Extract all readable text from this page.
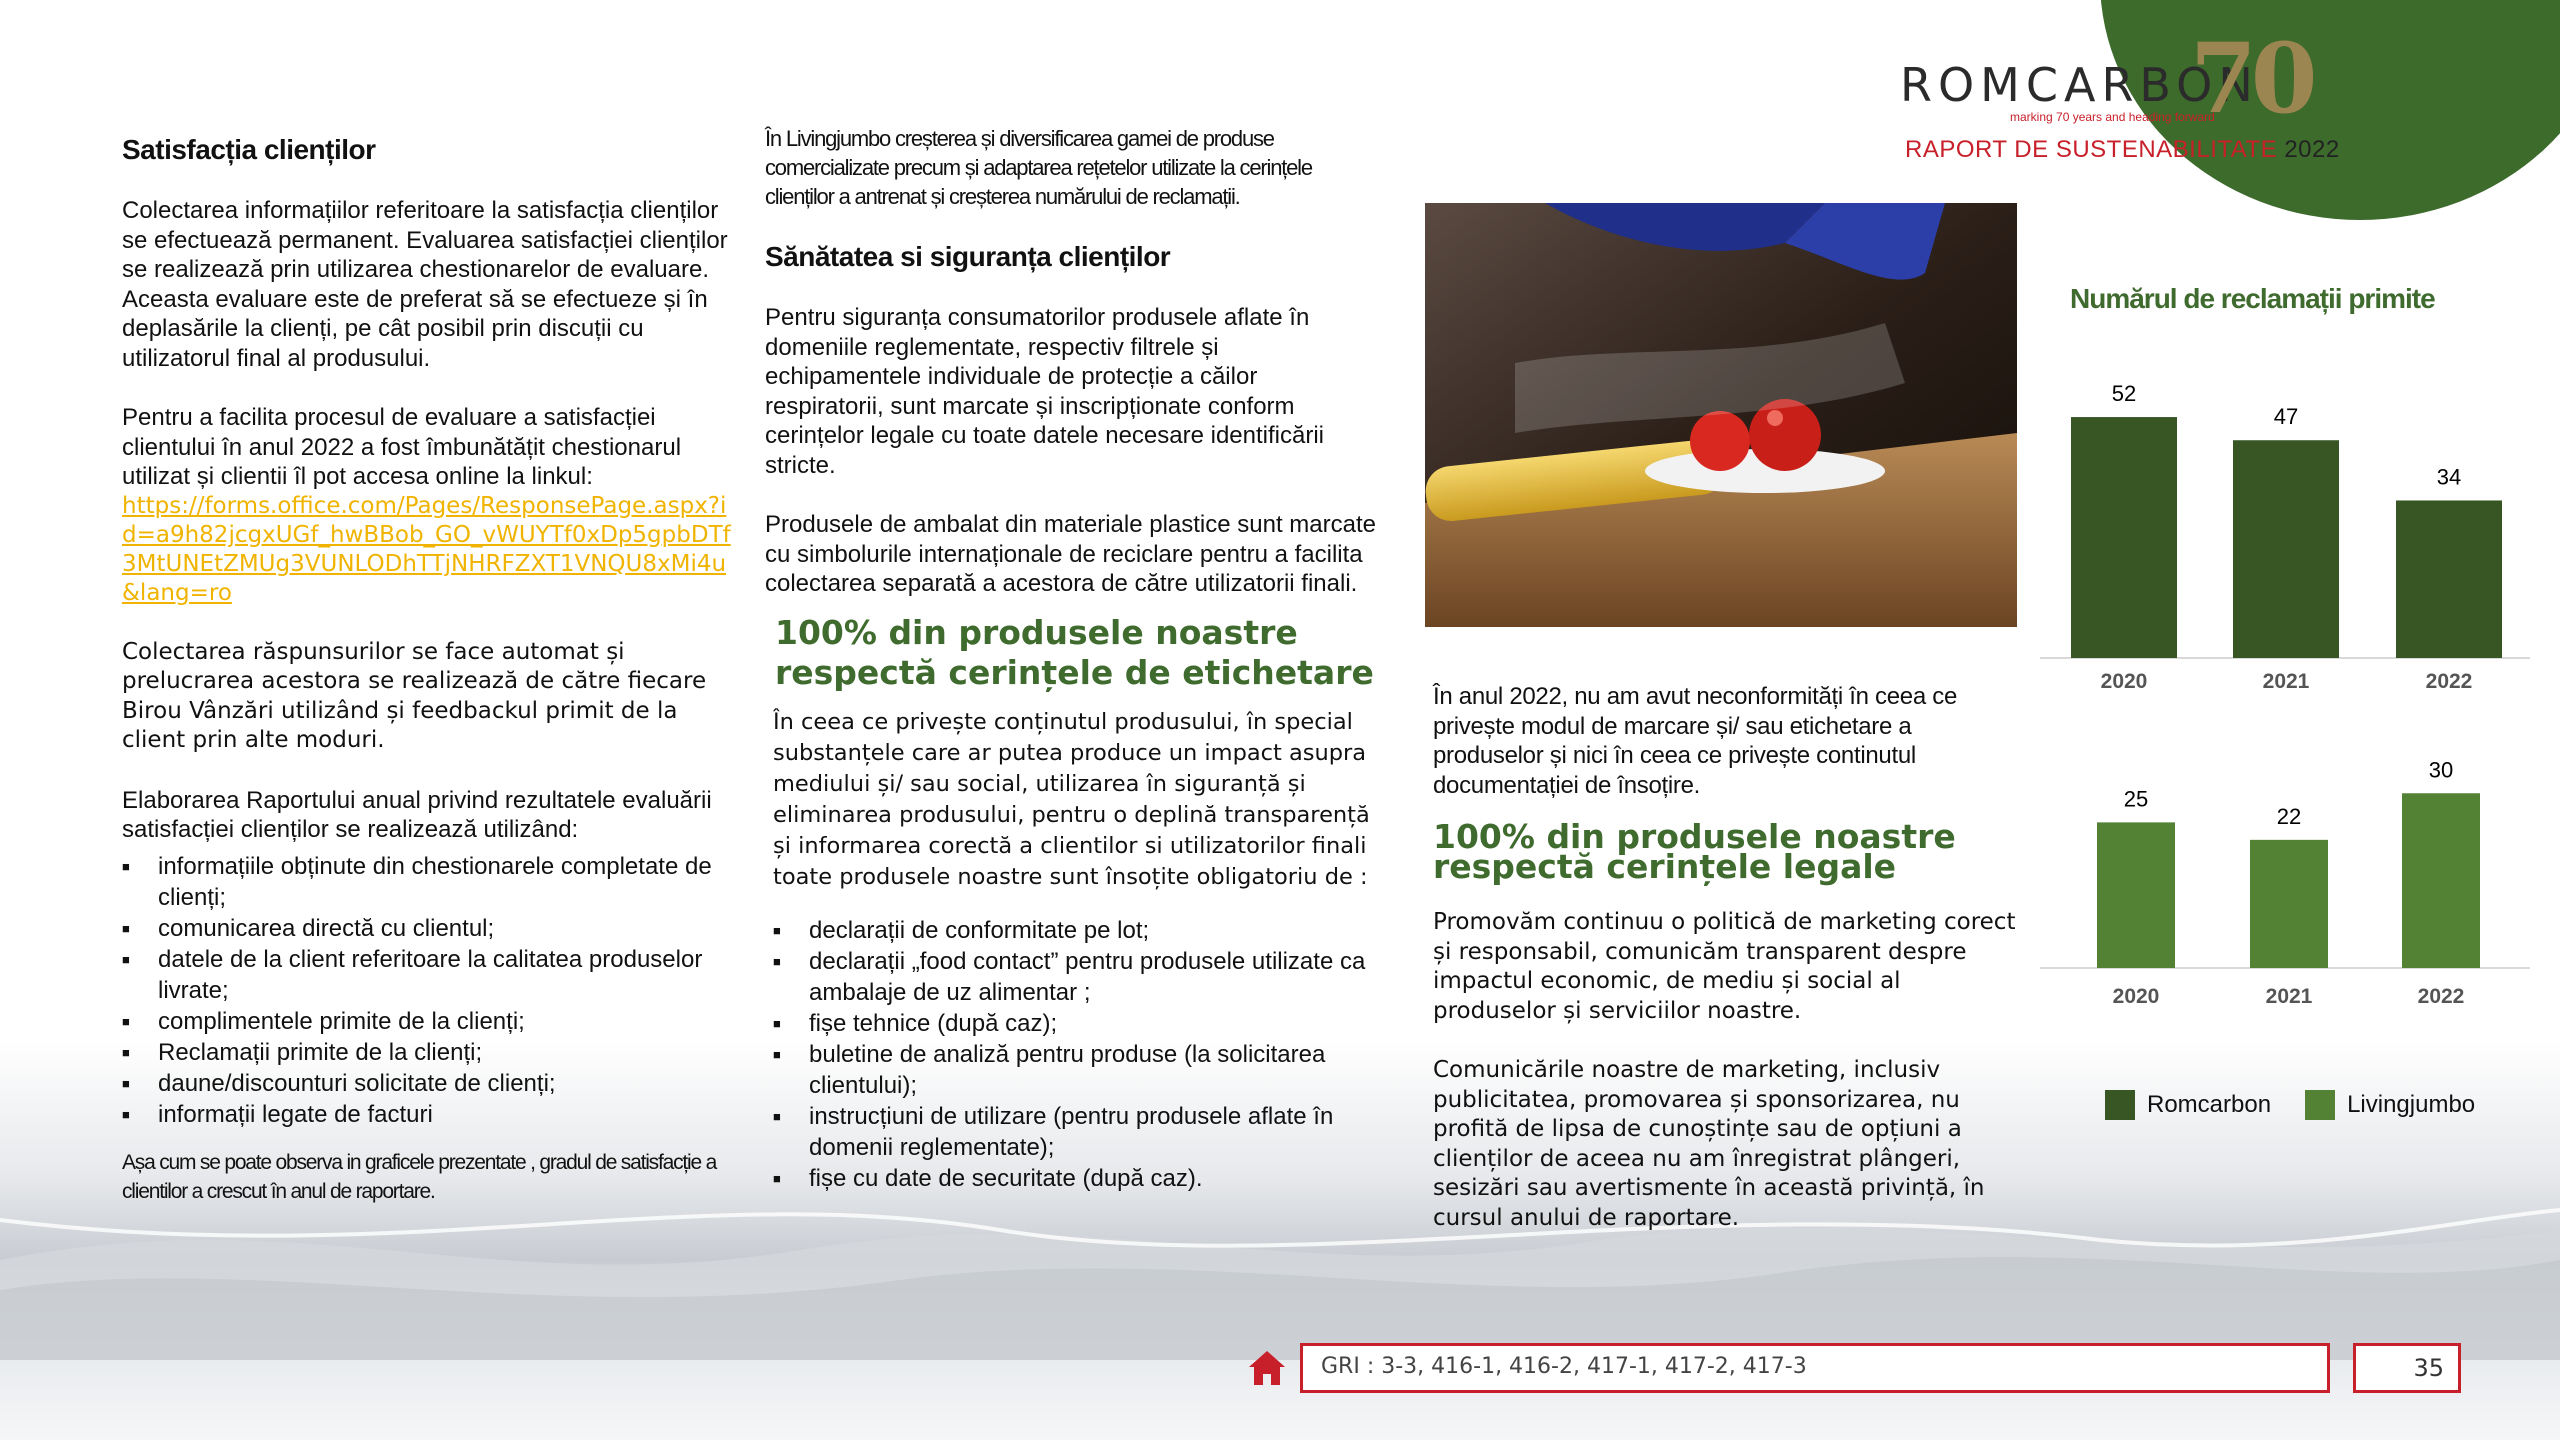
ROMCARBON
marking 70 years and heading forward
70
RAPORT DE SUSTENABILITATE 2022
Satisfacția clienților
Colectarea informațiilor referitoare la satisfacția clienților se efectuează permanent. Evaluarea satisfacției clienților se realizează prin utilizarea chestionarelor de evaluare.
Aceasta evaluare este de preferat să se efectueze și în deplasările la clienți, pe cât posibil prin discuții cu utilizatorul final al produsului.
Pentru a facilita procesul de evaluare a satisfacției clientului în anul 2022 a fost îmbunătățit chestionarul utilizat și clientii îl pot accesa online la linkul:
https://forms.office.com/Pages/ResponsePage.aspx?id=a9h82jcgxUGf_hwBBob_GO_vWUYTf0xDp5gpbDTf3MtUNEtZMUg3VUNLODhTTjNHRFZXT1VNQU8xMi4u&lang=ro
Colectarea răspunsurilor se face automat și prelucrarea acestora se realizează de către fiecare Birou Vânzări utilizând și feedbackul primit de la client prin alte moduri.
Elaborarea Raportului anual privind rezultatele evaluării satisfacției clienților se realizează utilizând:
■ informațiile obținute din chestionarele completate de clienți;
■ comunicarea directă cu clientul;
■ datele de la client referitoare la calitatea produselor livrate;
■ complimentele primite de la clienți;
■ Reclamații primite de la clienți;
■ daune/discounturi solicitate de clienți;
■ informații legate de facturi
Așa cum se poate observa in graficele prezentate , gradul de satisfacție a clientilor a crescut în anul de raportare.
În Livingjumbo creșterea și diversificarea gamei de produse comercializate precum și adaptarea rețetelor utilizate la cerințele clienților a antrenat și creșterea numărului de reclamații.
Sănătatea si siguranța clienților
Pentru siguranța consumatorilor produsele aflate în domeniile reglementate, respectiv filtrele și echipamentele individuale de protecție a căilor respiratorii, sunt marcate și inscripționate conform cerințelor legale cu toate datele necesare identificării stricte.
Produsele de ambalat din materiale plastice sunt marcate cu simbolurile internaționale de reciclare pentru a facilita colectarea separată a acestora de către utilizatorii finali.
100% din produsele noastre respectă cerințele de etichetare
În ceea ce privește conținutul produsului, în special substanțele care ar putea produce un impact asupra mediului și/ sau social, utilizarea în siguranță și eliminarea produsului, pentru o deplină transparență și informarea corectă a clientilor si utilizatorilor finali toate produsele noastre sunt însoțite obligatoriu de :
■ declarații de conformitate pe lot;
■ declarații „food contact” pentru produsele utilizate ca ambalaje de uz alimentar ;
■ fișe tehnice (după caz);
■ buletine de analiză pentru produse (la solicitarea clientului);
■ instrucțiuni de utilizare (pentru produsele aflate în domenii reglementate);
■ fișe cu date de securitate (după caz).
În anul 2022, nu am avut neconformități în ceea ce privește modul de marcare și/ sau etichetare a produselor și nici în ceea ce privește continutul documentației de însoțire.
100% din produsele noastre respectă cerințele legale
Promovăm continuu o politică de marketing corect și responsabil, comunicăm transparent despre impactul economic, de mediu și social al produselor și serviciilor noastre.
Comunicările noastre de marketing, inclusiv publicitatea, promovarea și sponsorizarea, nu profită de lipsa de cunoștințe sau de opțiuni a clienților de aceea nu am înregistrat plângeri, sesizări sau avertismente în această privință, în cursul anului de raportare.
Numărul de reclamații primite
52
2020
47
2021
34
2022
25
2020
22
2021
30
2022
Romcarbon	Livingjumbo
GRI : 3-3, 416-1, 416-2, 417-1, 417-2, 417-3	35
